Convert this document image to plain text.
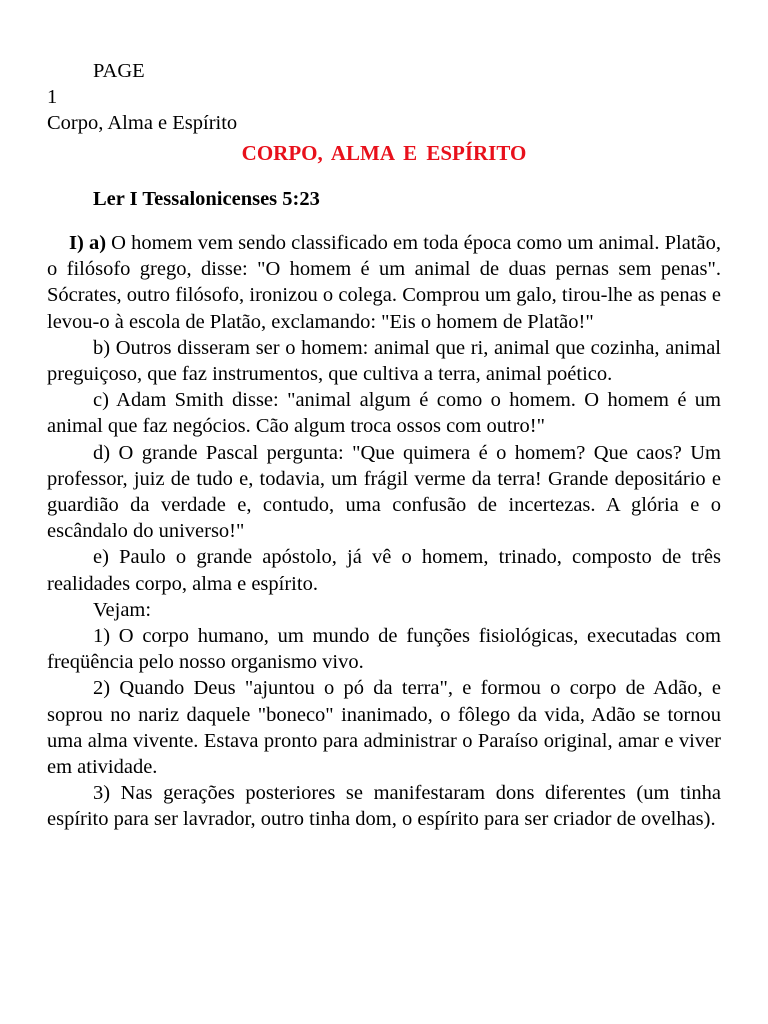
PAGE
1
Corpo, Alma e Espírito
CORPO, ALMA E ESPÍRITO
Ler I Tessalonicenses 5:23

I) a) O homem vem sendo classificado em toda época como um animal. Platão, o filósofo grego, disse: "O homem é um animal de duas pernas sem penas". Sócrates, outro filósofo, ironizou o colega. Comprou um galo, tirou-lhe as penas e levou-o à escola de Platão, exclamando: "Eis o homem de Platão!"

b) Outros disseram ser o homem: animal que ri, animal que cozinha, animal preguiçoso, que faz instrumentos, que cultiva a terra, animal poético.

c) Adam Smith disse: "animal algum é como o homem. O homem é um animal que faz negócios. Cão algum troca ossos com outro!"

d) O grande Pascal pergunta: "Que quimera é o homem? Que caos? Um professor, juiz de tudo e, todavia, um frágil verme da terra! Grande depositário e guardião da verdade e, contudo, uma confusão de incertezas. A glória e o escândalo do universo!"

e) Paulo o grande apóstolo, já vê o homem, trinado, composto de três realidades corpo, alma e espírito.

Vejam:

1) O corpo humano, um mundo de funções fisiológicas, executadas com freqüência pelo nosso organismo vivo.

2) Quando Deus "ajuntou o pó da terra", e formou o corpo de Adão, e soprou no nariz daquele "boneco" inanimado, o fôlego da vida, Adão se tornou uma alma vivente. Estava pronto para administrar o Paraíso original, amar e viver em atividade.

3) Nas gerações posteriores se manifestaram dons diferentes (um tinha espírito para ser lavrador, outro tinha dom, o espírito para ser criador de ovelhas).
